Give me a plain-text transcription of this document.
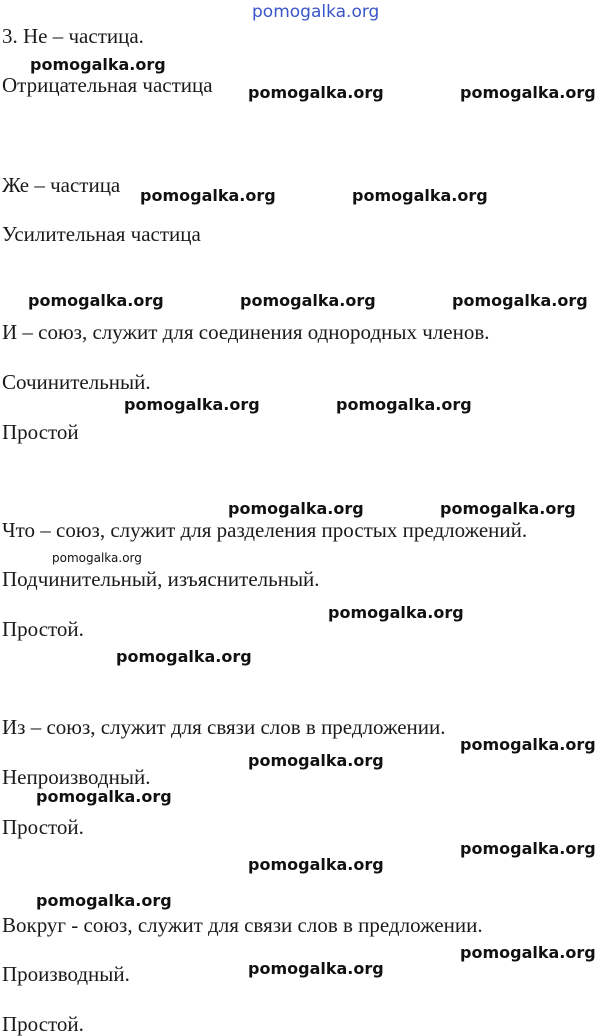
pomogalka.org
3. Не – частица.
Отрицательная частица
Же – частица
Усилительная частица
И – союз, служит для соединения однородных членов.
Сочинительный.
Простой
Что – союз, служит для разделения простых предложений.
Подчинительный, изъяснительный.
Простой.
Из – союз, служит для связи слов в предложении.
Непроизводный.
Простой.
Вокруг - союз, служит для связи слов в предложении.
Производный.
Простой.
pomogalka.org
pomogalka.org	pomogalka.org
pomogalka.org	pomogalka.org
pomogalka.org	pomogalka.org	pomogalka.org
pomogalka.org	pomogalka.org
pomogalka.org	pomogalka.org
pomogalka.org
pomogalka.org
pomogalka.org
pomogalka.org
pomogalka.org
pomogalka.org
pomogalka.org
pomogalka.org
pomogalka.org
pomogalka.org
pomogalka.org
